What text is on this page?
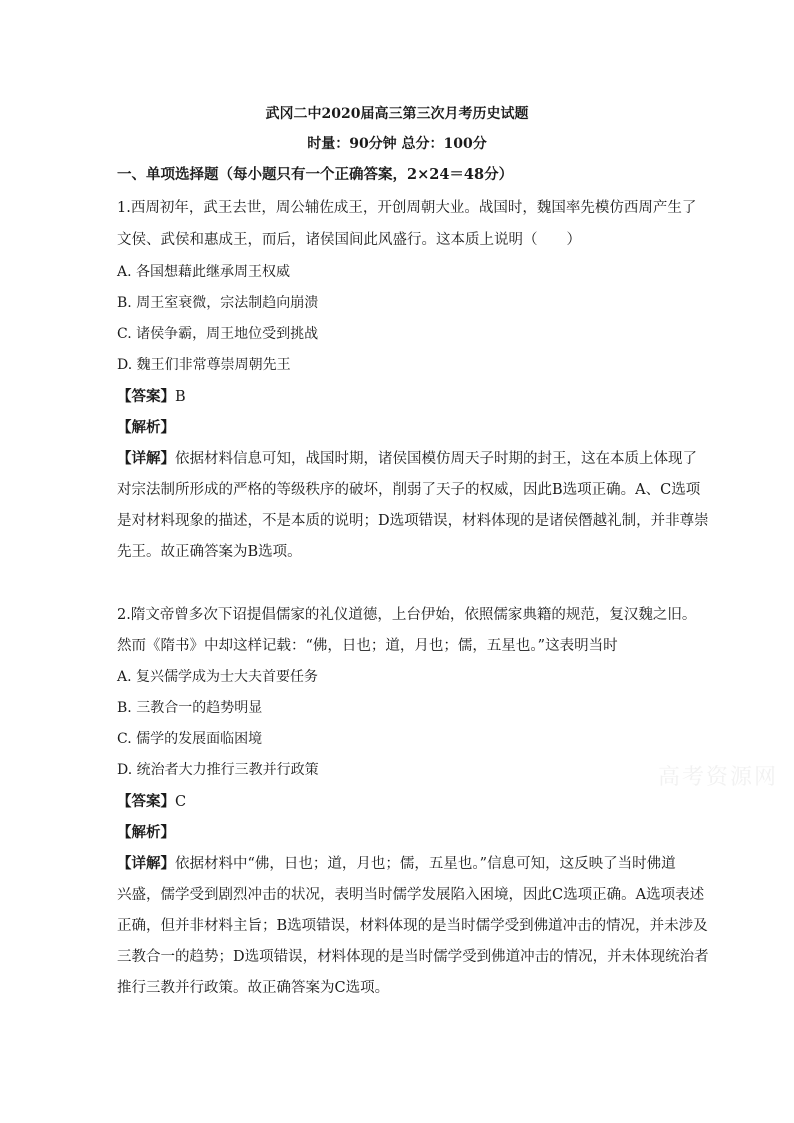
武冈二中2020届高三第三次月考历史试题
时量：90分钟 总分：100分
一、单项选择题（每小题只有一个正确答案，2×24＝48分）
1.西周初年，武王去世，周公辅佐成王，开创周朝大业。战国时，魏国率先模仿西周产生了
文侯、武侯和惠成王，而后，诸侯国间此风盛行。这本质上说明（　　）
A. 各国想藉此继承周王权威
B. 周王室衰微，宗法制趋向崩溃
C. 诸侯争霸，周王地位受到挑战
D. 魏王们非常尊崇周朝先王
【答案】B
【解析】
【详解】依据材料信息可知，战国时期，诸侯国模仿周天子时期的封王，这在本质上体现了
对宗法制所形成的严格的等级秩序的破坏，削弱了天子的权威，因此B选项正确。A、C选项
是对材料现象的描述，不是本质的说明；D选项错误，材料体现的是诸侯僭越礼制，并非尊崇
先王。故正确答案为B选项。
2.隋文帝曾多次下诏提倡儒家的礼仪道德，上台伊始，依照儒家典籍的规范，复汉魏之旧。
然而《隋书》中却这样记载：“佛，日也；道，月也；儒，五星也。”这表明当时
A. 复兴儒学成为士大夫首要任务
B. 三教合一的趋势明显
C. 儒学的发展面临困境
D. 统治者大力推行三教并行政策
【答案】C
【解析】
【详解】依据材料中“佛，日也；道，月也；儒，五星也。”信息可知，这反映了当时佛道
兴盛，儒学受到剧烈冲击的状况，表明当时儒学发展陷入困境，因此C选项正确。A选项表述
正确，但并非材料主旨；B选项错误，材料体现的是当时儒学受到佛道冲击的情况，并未涉及
三教合一的趋势；D选项错误，材料体现的是当时儒学受到佛道冲击的情况，并未体现统治者
推行三教并行政策。故正确答案为C选项。
高考资源网
